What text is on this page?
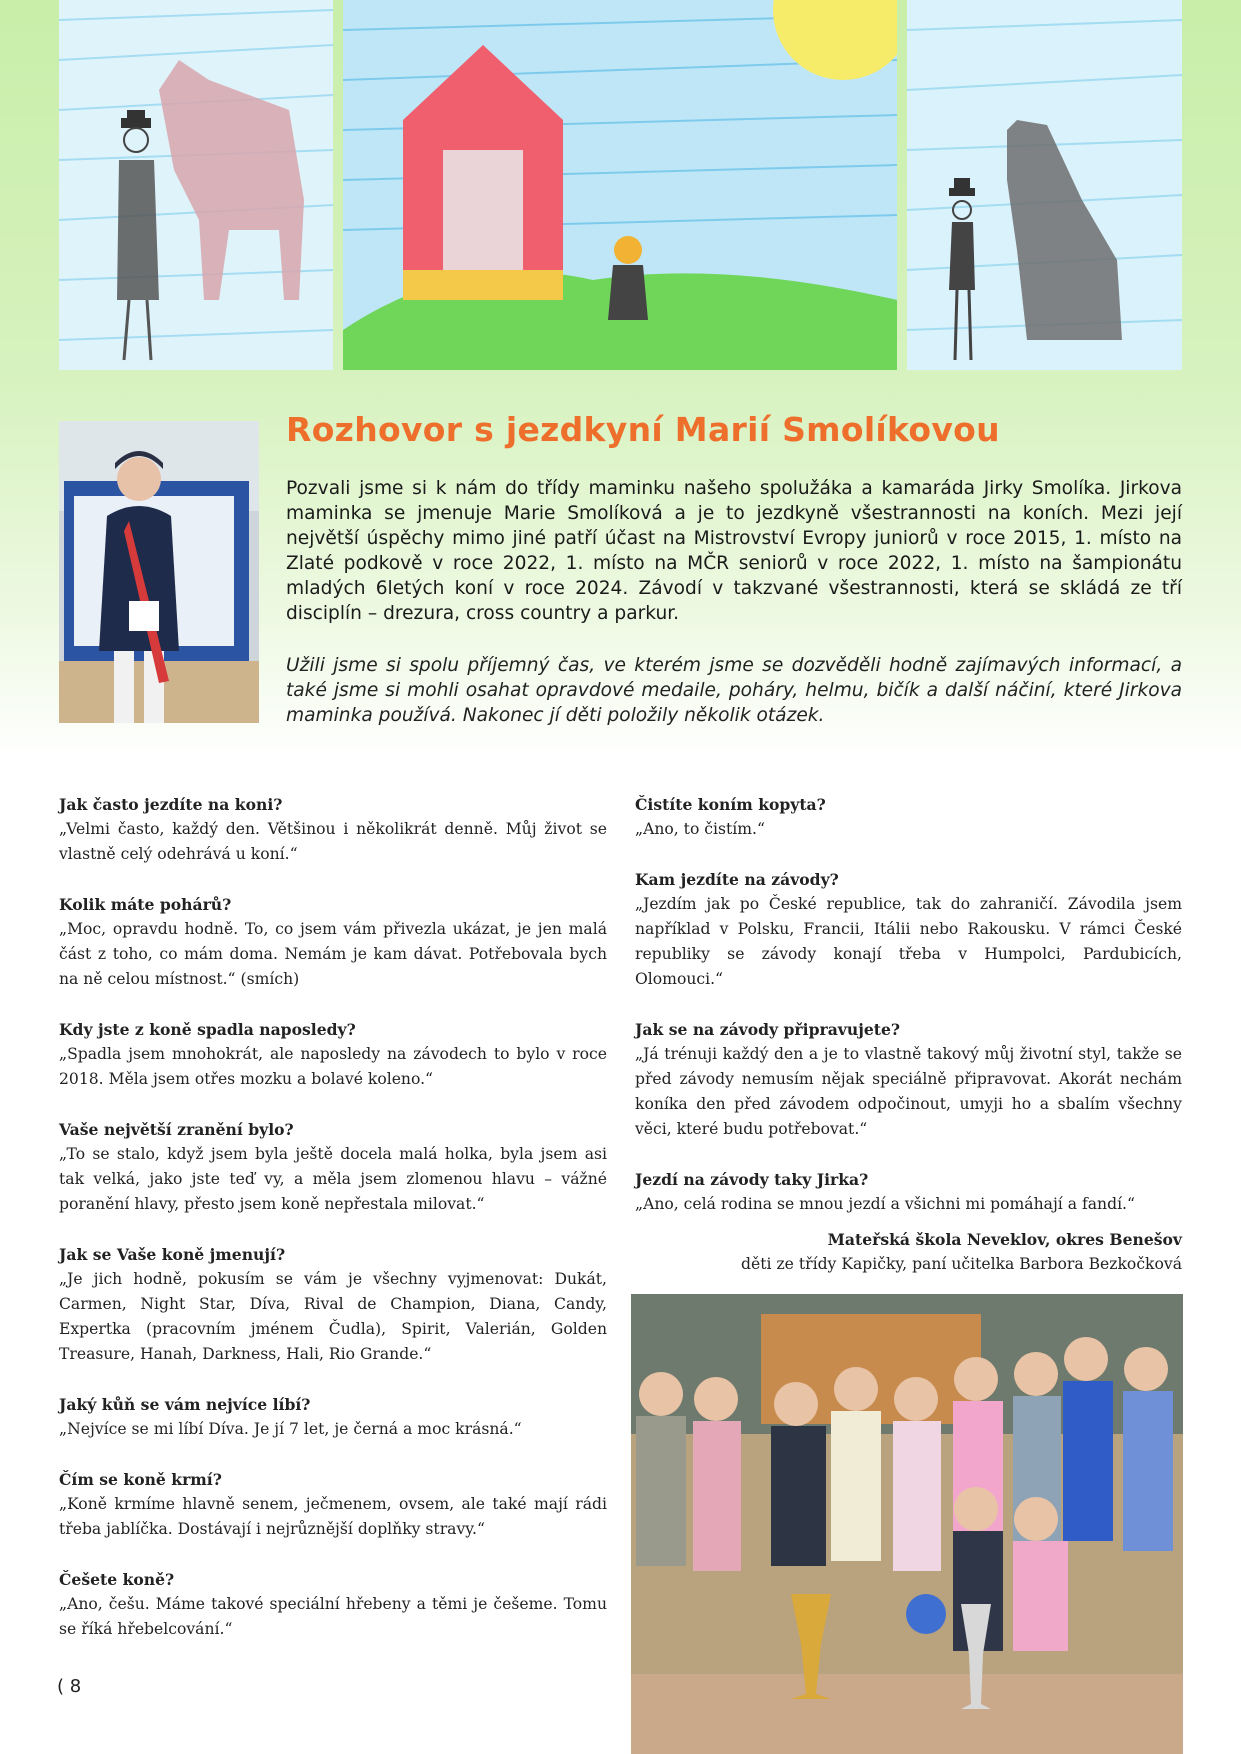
Rozhovor s jezdkyní Marií Smolíkovou

Pozvali jsme si k nám do třídy maminku našeho spolužáka a kamaráda Jirky Smolíka. Jirkova maminka se jmenuje Marie Smolíková a je to jezdkyně všestrannosti na koních. Mezi její největší úspěchy mimo jiné patří účast na Mistrovství Evropy juniorů v roce 2015, 1. místo na Zlaté podkově v roce 2022, 1. místo na MČR seniorů v roce 2022, 1. místo na šampionátu mladých 6letých koní v roce 2024. Závodí v takzvané všestrannosti, která se skládá ze tří disciplín – drezura, cross country a parkur.

Užili jsme si spolu příjemný čas, ve kterém jsme se dozvěděli hodně zajímavých informací, a také jsme si mohli osahat opravdové medaile, poháry, helmu, bičík a další náčiní, které Jirkova maminka používá. Nakonec jí děti položily několik otázek.

Jak často jezdíte na koni?

„Velmi často, každý den. Většinou i několikrát denně. Můj život se vlastně celý odehrává u koní.“

Kolik máte pohárů?

„Moc, opravdu hodně. To, co jsem vám přivezla ukázat, je jen malá část z toho, co mám doma. Nemám je kam dávat. Potřebovala bych na ně celou místnost.“ (smích)

Kdy jste z koně spadla naposledy?

„Spadla jsem mnohokrát, ale naposledy na závodech to bylo v roce 2018. Měla jsem otřes mozku a bolavé koleno.“

Vaše největší zranění bylo?

„To se stalo, když jsem byla ještě docela malá holka, byla jsem asi tak velká, jako jste teď vy, a měla jsem zlomenou hlavu – vážné poranění hlavy, přesto jsem koně nepřestala milovat.“

Jak se Vaše koně jmenují?

„Je jich hodně, pokusím se vám je všechny vyjmenovat: Dukát, Carmen, Night Star, Díva, Rival de Champion, Diana, Candy, Expertka (pracovním jménem Čudla), Spirit, Valerián, Golden Treasure, Hanah, Darkness, Hali, Rio Grande.“

Jaký kůň se vám nejvíce líbí?

„Nejvíce se mi líbí Díva. Je jí 7 let, je černá a moc krásná.“

Čím se koně krmí?

„Koně krmíme hlavně senem, ječmenem, ovsem, ale také mají rádi třeba jablíčka. Dostávají i nejrůznější doplňky stravy.“

Češete koně?

„Ano, češu. Máme takové speciální hřebeny a těmi je češeme. Tomu se říká hřebelcování.“

Čistíte koním kopyta?

„Ano, to čistím.“

Kam jezdíte na závody?

„Jezdím jak po České republice, tak do zahraničí. Závodila jsem například v Polsku, Francii, Itálii nebo Rakousku. V rámci České republiky se závody konají třeba v Humpolci, Pardubicích, Olomouci.“

Jak se na závody připravujete?

„Já trénuji každý den a je to vlastně takový můj životní styl, takže se před závody nemusím nějak speciálně připravovat. Akorát nechám koníka den před závodem odpočinout, umyji ho a sbalím všechny věci, které budu potřebovat.“

Jezdí na závody taky Jirka?

„Ano, celá rodina se mnou jezdí a všichni mi pomáhají a fandí.“

Mateřská škola Neveklov, okres Benešov
děti ze třídy Kapičky, paní učitelka Barbora Bezkočková
( 8
